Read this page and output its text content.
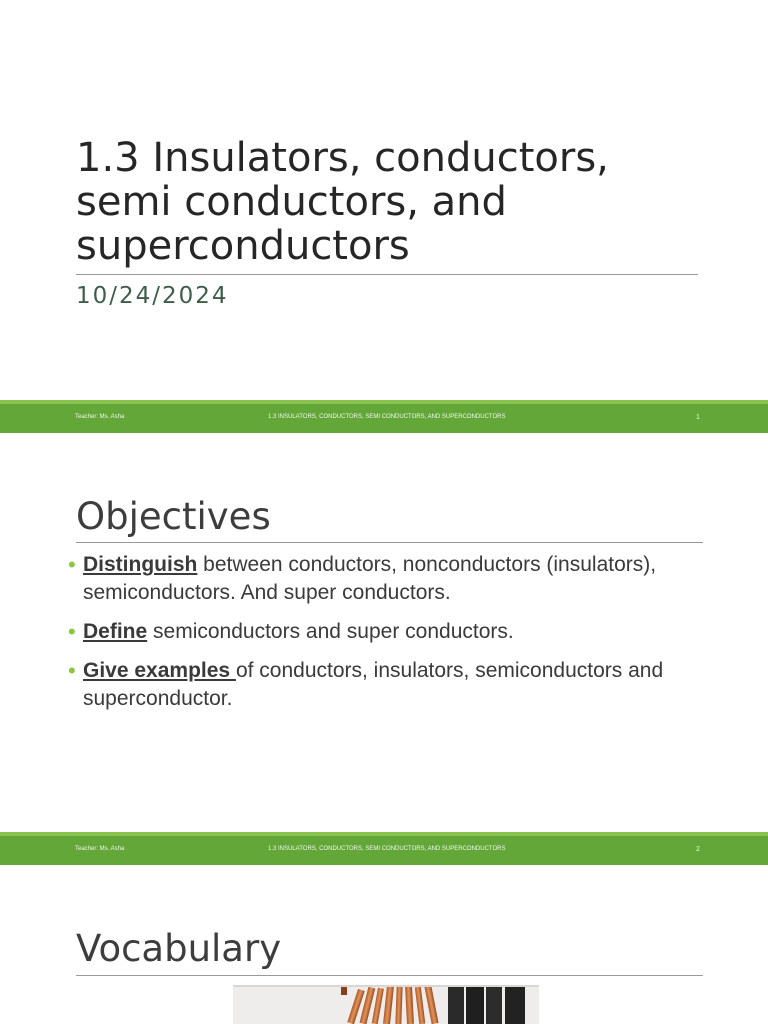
1.3 Insulators, conductors, semi conductors, and superconductors
10/24/2024
Teacher: Ms. Asha	1.3 INSULATORS, CONDUCTORS, SEMI CONDUCTORS, AND SUPERCONDUCTORS	1
Objectives
• Distinguish between conductors, nonconductors (insulators), semiconductors. And super conductors.
• Define semiconductors and super conductors.
• Give examples of conductors, insulators, semiconductors and superconductor.
Teacher: Ms. Asha	1.3 INSULATORS, CONDUCTORS, SEMI CONDUCTORS, AND SUPERCONDUCTORS	2
Vocabulary
